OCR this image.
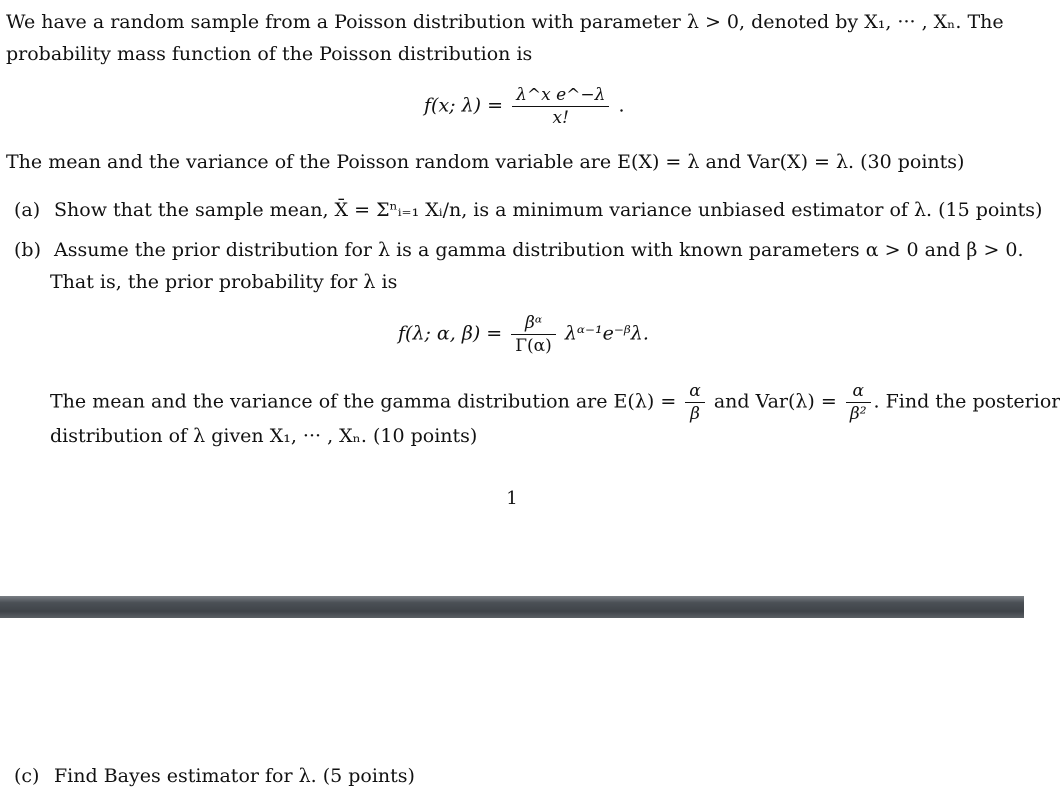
We have a random sample from a Poisson distribution with parameter λ > 0, denoted by X₁, ··· , Xₙ. The
probability mass function of the Poisson distribution is
f(x; $\lambda) = \frac{\text{λ\textasciicircum{}x e\textasciicircum{}−λ}}{x!}$ .
The mean and the variance of the Poisson random variable are E(X) = λ and Var(X) = λ. (30 points)
(a) Show that the sample mean, X̄ = Σⁿᵢ₌₁ Xᵢ/n, is a minimum variance unbiased estimator of λ. (15 points)
(b) Assume the prior distribution for λ is a gamma distribution with known parameters α > 0 and β > 0.
That is, the prior probability for λ is
f(λ; α, $\beta) = \frac{\text{βᵅ}}{\Gamma(\alpha)}$ λᵅ⁻¹e⁻ᵝλ.
The mean and the variance of the gamma distribution are $E(\lambda) = \frac{\alpha}{\beta}$ and $Var(\lambda) = \frac{\alpha}{\text{β²}}$ . Find the posterior
distribution of λ given X₁, ··· , Xₙ. (10 points)
1
(c) Find Bayes estimator for λ. (5 points)
